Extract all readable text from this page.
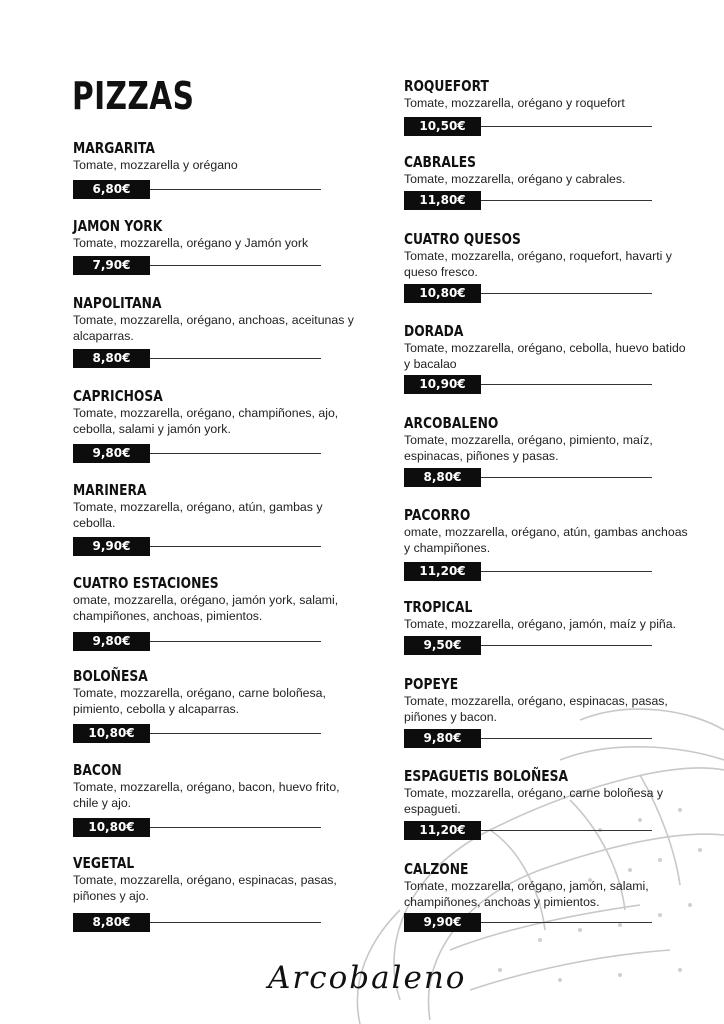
PIZZAS
MARGARITA
Tomate, mozzarella y orégano
6,80€
JAMON YORK
Tomate, mozzarella, orégano y Jamón york
7,90€
NAPOLITANA
Tomate, mozzarella, orégano, anchoas, aceitunas y alcaparras.
8,80€
CAPRICHOSA
Tomate, mozzarella, orégano, champiñones, ajo, cebolla, salami y jamón york.
9,80€
MARINERA
Tomate, mozzarella, orégano, atún, gambas y cebolla.
9,90€
CUATRO ESTACIONES
omate, mozzarella, orégano, jamón york, salami, champiñones, anchoas, pimientos.
9,80€
BOLOÑESA
Tomate, mozzarella, orégano, carne boloñesa, pimiento, cebolla y alcaparras.
10,80€
BACON
Tomate, mozzarella, orégano, bacon, huevo frito, chile y ajo.
10,80€
VEGETAL
Tomate, mozzarella, orégano, espinacas, pasas, piñones y ajo.
8,80€
ROQUEFORT
Tomate, mozzarella, orégano y roquefort
10,50€
CABRALES
Tomate, mozzarella, orégano y cabrales.
11,80€
CUATRO QUESOS
Tomate, mozzarella, orégano, roquefort, havarti y queso fresco.
10,80€
DORADA
Tomate, mozzarella, orégano, cebolla, huevo batido y bacalao
10,90€
ARCOBALENO
Tomate, mozzarella, orégano, pimiento, maíz, espinacas, piñones y pasas.
8,80€
PACORRO
omate, mozzarella, orégano, atún, gambas anchoas y champiñones.
11,20€
TROPICAL
Tomate, mozzarella, orégano, jamón, maíz y piña.
9,50€
POPEYE
Tomate, mozzarella, orégano, espinacas, pasas, piñones y bacon.
9,80€
ESPAGUETIS BOLOÑESA
Tomate, mozzarella, orégano, carne boloñesa y espagueti.
11,20€
CALZONE
Tomate, mozzarella, orégano, jamón, salami, champiñones, anchoas y pimientos.
9,90€
Arcobaleno
